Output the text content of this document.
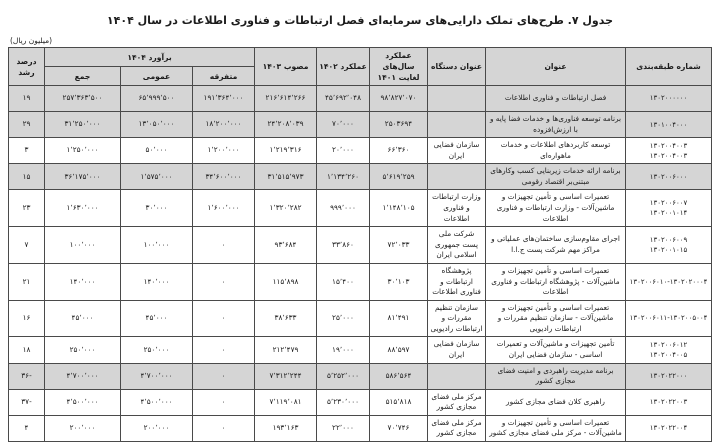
جدول ۷. طرح‌های تملک دارایی‌های سرمایه‌ای فصل ارتباطات و فناوری اطلاعات در سال ۱۴۰۴
(میلیون ریال)
شماره طبقه‌بندی	عنوان	عنوان دستگاه	عملکرد سال‌های لغایت ۱۴۰۱	عملکرد ۱۴۰۲	مصوب ۱۴۰۳	برآورد ۱۴۰۴			درصد رشد
						متفرقه	عمومی	جمع	

۱۳۰۲۰۰۰۰۰۰	فصل ارتباطات و فناوری اطلاعات		۹۸٬۸۲۷٬۰۷۰	۴۵٬۶۹۲٬۰۴۸	۲۱۶٬۶۱۴٬۲۶۶	۱۹۱٬۳۶۴٬۰۰۰	۶۵٬۹۹۹٬۵۰۰	۲۵۷٬۳۶۳٬۵۰۰	۱۹

۱۳۰۱۰۰۴۰۰۰	برنامه توسعه فناوری‌ها و خدمات فضا پایه و با ارزش‌افزوده		۲۵۰۳۶۹۴	۷۰٬۰۰۰	۲۴٬۲۰۸٬۰۳۹	۱۸٬۲۰۰٬۰۰۰	۱۳٬۰۵۰٬۰۰۰	۳۱٬۲۵۰٬۰۰۰	۲۹

۱۳۰۲۰۰۴۰۰۳
۱۳۰۲۰۰۴۰۰۳	توسعه کاربردهای اطلاعات و خدمات ماهواره‌ای	سازمان فضایی ایران	۶۶٬۳۶۰	۲۰٬۰۰۰	۱٬۲۱۹٬۳۱۶	۱٬۲۰۰٬۰۰۰	۵۰٬۰۰۰	۱٬۲۵۰٬۰۰۰	۳

۱۳۰۲۰۰۶۰۰۰	برنامه ارائه خدمات زیربنایی کسب وکارهای مبتنی‌بر اقتصاد رقومی		۵٬۶۱۹٬۲۵۹	۱٬۱۳۴٬۲۶۰	۳۱٬۵۱۵٬۹۷۳	۳۴٬۶۰۰٬۰۰۰	۱٬۵۷۵٬۰۰۰	۳۶٬۱۷۵٬۰۰۰	۱۵

۱۳۰۲۰۰۶۰۰۷
۱۳۰۲۰۰۱۰۱۴	تعمیرات اساسی و تأمین تجهیزات و ماشین‌آلات - وزارت ارتباطات و فناوری اطلاعات	وزارت ارتباطات و فناوری اطلاعات	۱٬۱۴۸٬۱۰۵	۹۹۹٬۰۰۰	۱٬۳۲۰٬۲۸۲	۱٬۶۰۰٬۰۰۰	۳۰٬۰۰۰	۱٬۶۳۰٬۰۰۰	۲۳

۱۳۰۲۰۰۶۰۰۹
۱۳۰۲۰۰۱۰۱۵	اجرای مقاوم‌سازی ساختمان‌های عملیاتی و مراکز مهم شرکت پست ج.ا.ا	شرکت ملی پست جمهوری اسلامی ایران	۷۲٬۰۳۳	۳۳٬۸۶۰	۹۳٬۶۸۴	۰	۱۰۰٬۰۰۰	۱۰۰٬۰۰۰	۷

۱۳۰۲۰۰۶۰۱۰-۱۳۰۲۰۲۰۰۰۴	تعمیرات اساسی و تأمین تجهیزات و ماشین‌آلات - پژوهشگاه ارتباطات و فناوری اطلاعات	پژوهشگاه ارتباطات و فناوری اطلاعات	۳۰٬۱۰۳	۱۵٬۴۰۰	۱۱۵٬۸۹۸	۰	۱۴۰٬۰۰۰	۱۴۰٬۰۰۰	۲۱

۱۳۰۲۰۰۶۰۱۱-۱۳۰۲۰۰۵۰۰۴	تعمیرات اساسی و تأمین تجهیزات و ماشین‌آلات - سازمان تنظیم مقررات و ارتباطات رادیویی	سازمان تنظیم مقررات و ارتباطات رادیویی	۸۱٬۴۹۱	۲۵٬۰۰۰	۳۸٬۶۳۳	۰	۴۵٬۰۰۰	۴۵٬۰۰۰	۱۶

۱۳۰۲۰۰۶۰۱۲
۱۳۰۲۰۰۴۰۰۵	تأمین تجهیزات و ماشین‌آلات و تعمیرات اساسی - سازمان فضایی ایران	سازمان فضایی ایران	۸۸٬۵۹۷	۱۹٬۰۰۰	۲۱۲٬۴۷۹	۰	۲۵۰٬۰۰۰	۲۵۰٬۰۰۰	۱۸

۱۳۰۲۰۲۲۰۰۰	برنامه مدیریت راهبردی و امنیت فضای مجازی کشور		۵۸۶٬۵۶۴	۵٬۲۵۲٬۰۰۰	۷٬۳۱۲٬۲۴۴	۰	۴٬۷۰۰٬۰۰۰	۴٬۷۰۰٬۰۰۰	۳۶-

۱۳۰۲۰۲۲۰۰۳	راهبری کلان فضای مجازی کشور	مرکز ملی فضای مجازی کشور	۵۱۵٬۸۱۸	۵٬۲۳۰٬۰۰۰	۷٬۱۱۹٬۰۸۱	۰	۴٬۵۰۰٬۰۰۰	۴٬۵۰۰٬۰۰۰	۳۷-

۱۳۰۲۰۲۲۰۰۴	تعمیرات اساسی و تأمین تجهیزات و ماشین‌آلات - مرکز ملی فضای مجازی کشور	مرکز ملی فضای مجازی کشور	۷۰٬۷۴۶	۲۲٬۰۰۰	۱۹۳٬۱۶۳	۰	۲۰۰٬۰۰۰	۲۰۰٬۰۰۰	۴
